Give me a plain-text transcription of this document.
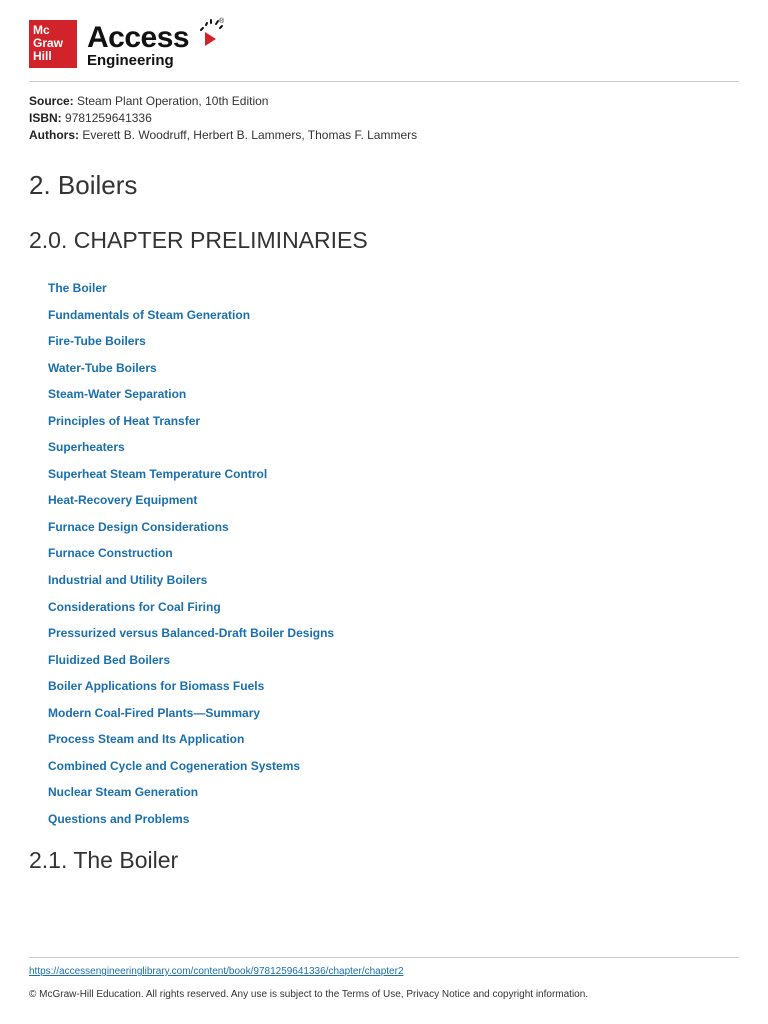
Mc
Graw
Hill
Access	®
Engineering
Source: Steam Plant Operation, 10th Edition
ISBN: 9781259641336
Authors: Everett B. Woodruff, Herbert B. Lammers, Thomas F. Lammers
2. Boilers
2.0. CHAPTER PRELIMINARIES
The Boiler
Fundamentals of Steam Generation
Fire-Tube Boilers
Water-Tube Boilers
Steam-Water Separation
Principles of Heat Transfer
Superheaters
Superheat Steam Temperature Control
Heat-Recovery Equipment
Furnace Design Considerations
Furnace Construction
Industrial and Utility Boilers
Considerations for Coal Firing
Pressurized versus Balanced-Draft Boiler Designs
Fluidized Bed Boilers
Boiler Applications for Biomass Fuels
Modern Coal-Fired Plants—Summary
Process Steam and Its Application
Combined Cycle and Cogeneration Systems
Nuclear Steam Generation
Questions and Problems
2.1. The Boiler
https://accessengineeringlibrary.com/content/book/9781259641336/chapter/chapter2
© McGraw-Hill Education. All rights reserved. Any use is subject to the Terms of Use, Privacy Notice and copyright information.
